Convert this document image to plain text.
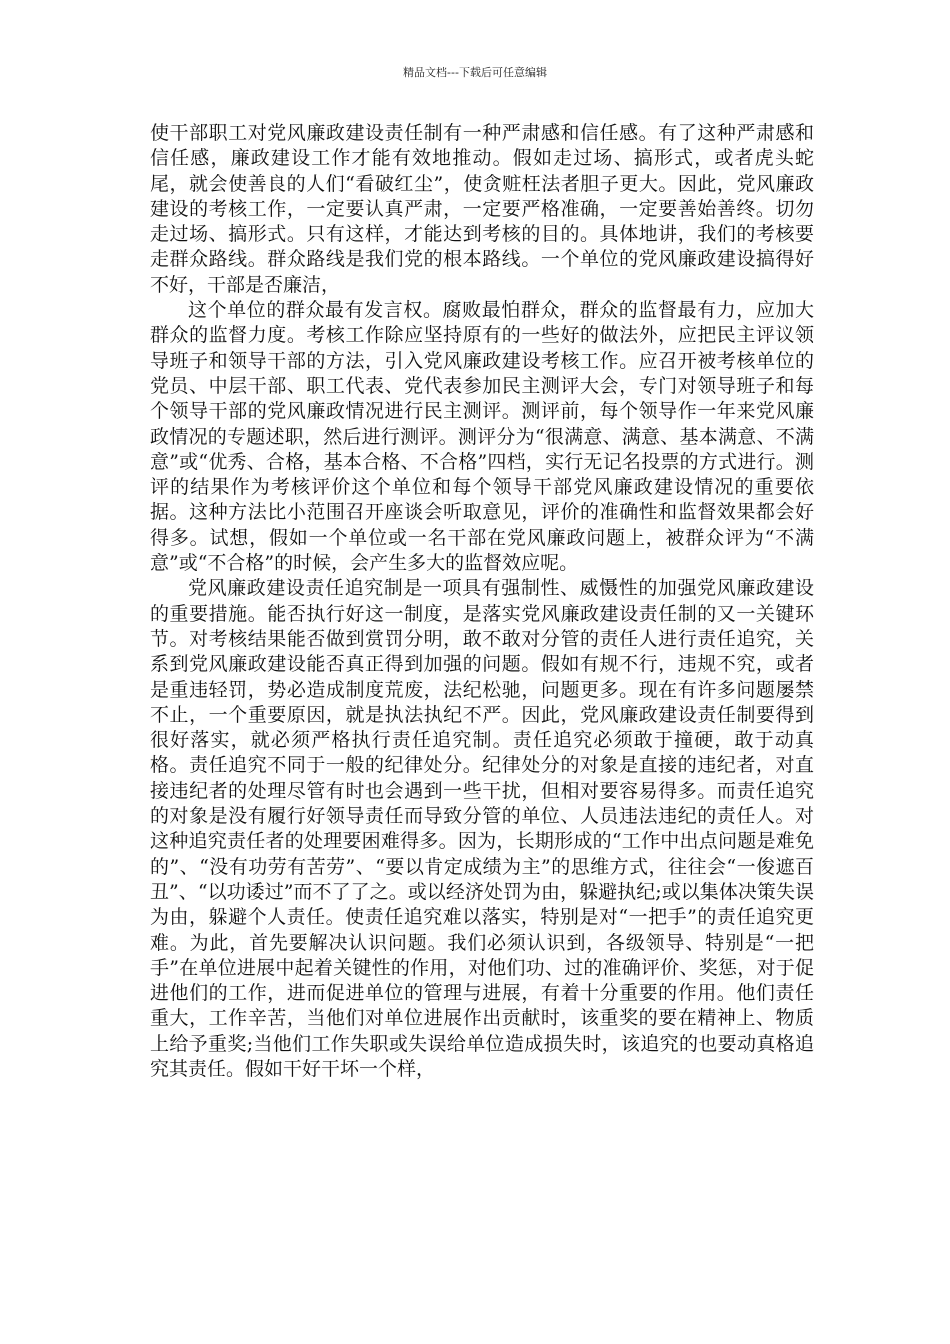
精品文档---下载后可任意编辑

使干部职工对党风廉政建设责任制有一种严肃感和信任感。有了这种严肃感和信任感，廉政建设工作才能有效地推动。假如走过场、搞形式，或者虎头蛇尾，就会使善良的人们“看破红尘”，使贪赃枉法者胆子更大。因此，党风廉政建设的考核工作，一定要认真严肃，一定要严格准确，一定要善始善终。切勿走过场、搞形式。只有这样，才能达到考核的目的。具体地讲，我们的考核要走群众路线。群众路线是我们党的根本路线。一个单位的党风廉政建设搞得好不好，干部是否廉洁，

这个单位的群众最有发言权。腐败最怕群众，群众的监督最有力，应加大群众的监督力度。考核工作除应坚持原有的一些好的做法外，应把民主评议领导班子和领导干部的方法，引入党风廉政建设考核工作。应召开被考核单位的党员、中层干部、职工代表、党代表参加民主测评大会，专门对领导班子和每个领导干部的党风廉政情况进行民主测评。测评前，每个领导作一年来党风廉政情况的专题述职，然后进行测评。测评分为“很满意、满意、基本满意、不满意”或“优秀、合格，基本合格、不合格”四档，实行无记名投票的方式进行。测评的结果作为考核评价这个单位和每个领导干部党风廉政建设情况的重要依据。这种方法比小范围召开座谈会听取意见，评价的准确性和监督效果都会好得多。试想，假如一个单位或一名干部在党风廉政问题上，被群众评为“不满意”或“不合格”的时候，会产生多大的监督效应呢。

党风廉政建设责任追究制是一项具有强制性、威慑性的加强党风廉政建设的重要措施。能否执行好这一制度，是落实党风廉政建设责任制的又一关键环节。对考核结果能否做到赏罚分明，敢不敢对分管的责任人进行责任追究，关系到党风廉政建设能否真正得到加强的问题。假如有规不行，违规不究，或者是重违轻罚，势必造成制度荒废，法纪松驰，问题更多。现在有许多问题屡禁不止，一个重要原因，就是执法执纪不严。因此，党风廉政建设责任制要得到很好落实，就必须严格执行责任追究制。责任追究必须敢于撞硬，敢于动真格。责任追究不同于一般的纪律处分。纪律处分的对象是直接的违纪者，对直接违纪者的处理尽管有时也会遇到一些干扰，但相对要容易得多。而责任追究的对象是没有履行好领导责任而导致分管的单位、人员违法违纪的责任人。对这种追究责任者的处理要困难得多。因为，长期形成的“工作中出点问题是难免的”、“没有功劳有苦劳”、“要以肯定成绩为主”的思维方式，往往会“一俊遮百丑”、“以功诿过”而不了了之。或以经济处罚为由，躲避执纪;或以集体决策失误为由，躲避个人责任。使责任追究难以落实，特别是对“一把手”的责任追究更难。为此，首先要解决认识问题。我们必须认识到，各级领导、特别是“一把手”在单位进展中起着关键性的作用，对他们功、过的准确评价、奖惩，对于促进他们的工作，进而促进单位的管理与进展，有着十分重要的作用。他们责任重大，工作辛苦，当他们对单位进展作出贡献时，该重奖的要在精神上、物质上给予重奖;当他们工作失职或失误给单位造成损失时，该追究的也要动真格追究其责任。假如干好干坏一个样，
